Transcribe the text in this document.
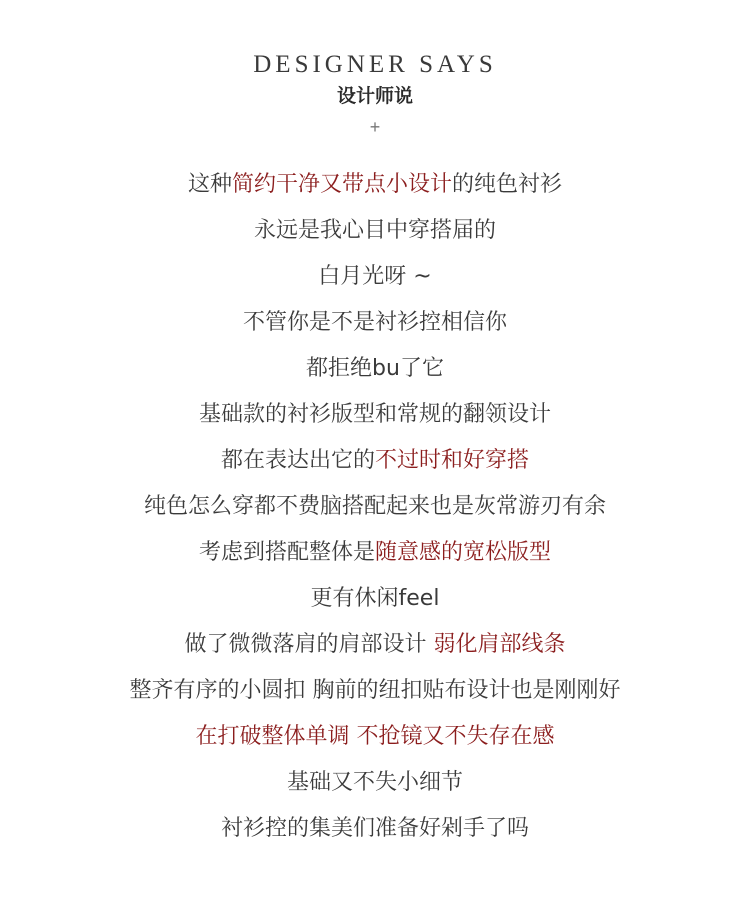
DESIGNER SAYS
设计师说
+
这种简约干净又带点小设计的纯色衬衫
永远是我心目中穿搭届的
白月光呀 ~
不管你是不是衬衫控相信你
都拒绝bu了它
基础款的衬衫版型和常规的翻领设计
都在表达出它的不过时和好穿搭
纯色怎么穿都不费脑搭配起来也是灰常游刃有余
考虑到搭配整体是随意感的宽松版型
更有休闲feel
做了微微落肩的肩部设计 弱化肩部线条
整齐有序的小圆扣 胸前的纽扣贴布设计也是刚刚好
在打破整体单调 不抢镜又不失存在感
基础又不失小细节
衬衫控的集美们准备好剁手了吗
